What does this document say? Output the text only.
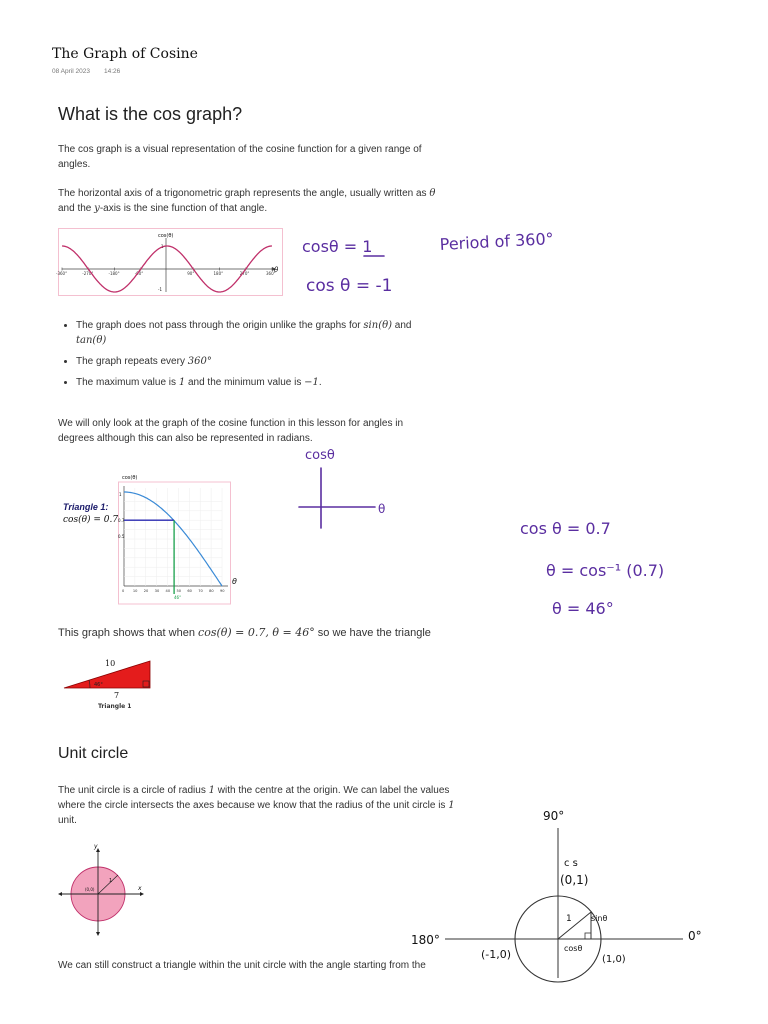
The Graph of Cosine
08 April 2023 14:26
What is the cos graph?
The cos graph is a visual representation of the cosine function for a given range of angles.
The horizontal axis of a trigonometric graph represents the angle, usually written as θ and the y-axis is the sine function of that angle.
cos(θ)
θ
1
-1
-360°	-270°	-180°	-90°	90°	180°	270°	360°
cosθ = 1
cos θ = -1
Period of 360°
• The graph does not pass through the origin unlike the graphs for sin(θ) and
tan(θ)
• The graph repeats every 360°
• The maximum value is 1 and the minimum value is −1.
We will only look at the graph of the cosine function in this lesson for angles in degrees although this can also be represented in radians.
Triangle 1:
cos(θ) = 0.7
cos(θ)
1
0.7
0.5
0 10 20 30 40 50 60 70 80 90
46°
θ
cosθ
θ
cos θ = 0.7
θ = cos⁻¹ (0.7)
θ = 46°
This graph shows that when cos(θ) = 0.7, θ = 46° so we have the triangle
10
46°
7
Triangle 1
Unit circle
The unit circle is a circle of radius 1 with the centre at the origin. We can label the values where the circle intersects the axes because we know that the radius of the unit circle is 1 unit.
1
(0,0)	x
y
We can still construct a triangle within the unit circle with the angle starting from the
90°
180°	0°
c s
(0,1)
(-1,0)	(1,0)
1 sinθ
cosθ
